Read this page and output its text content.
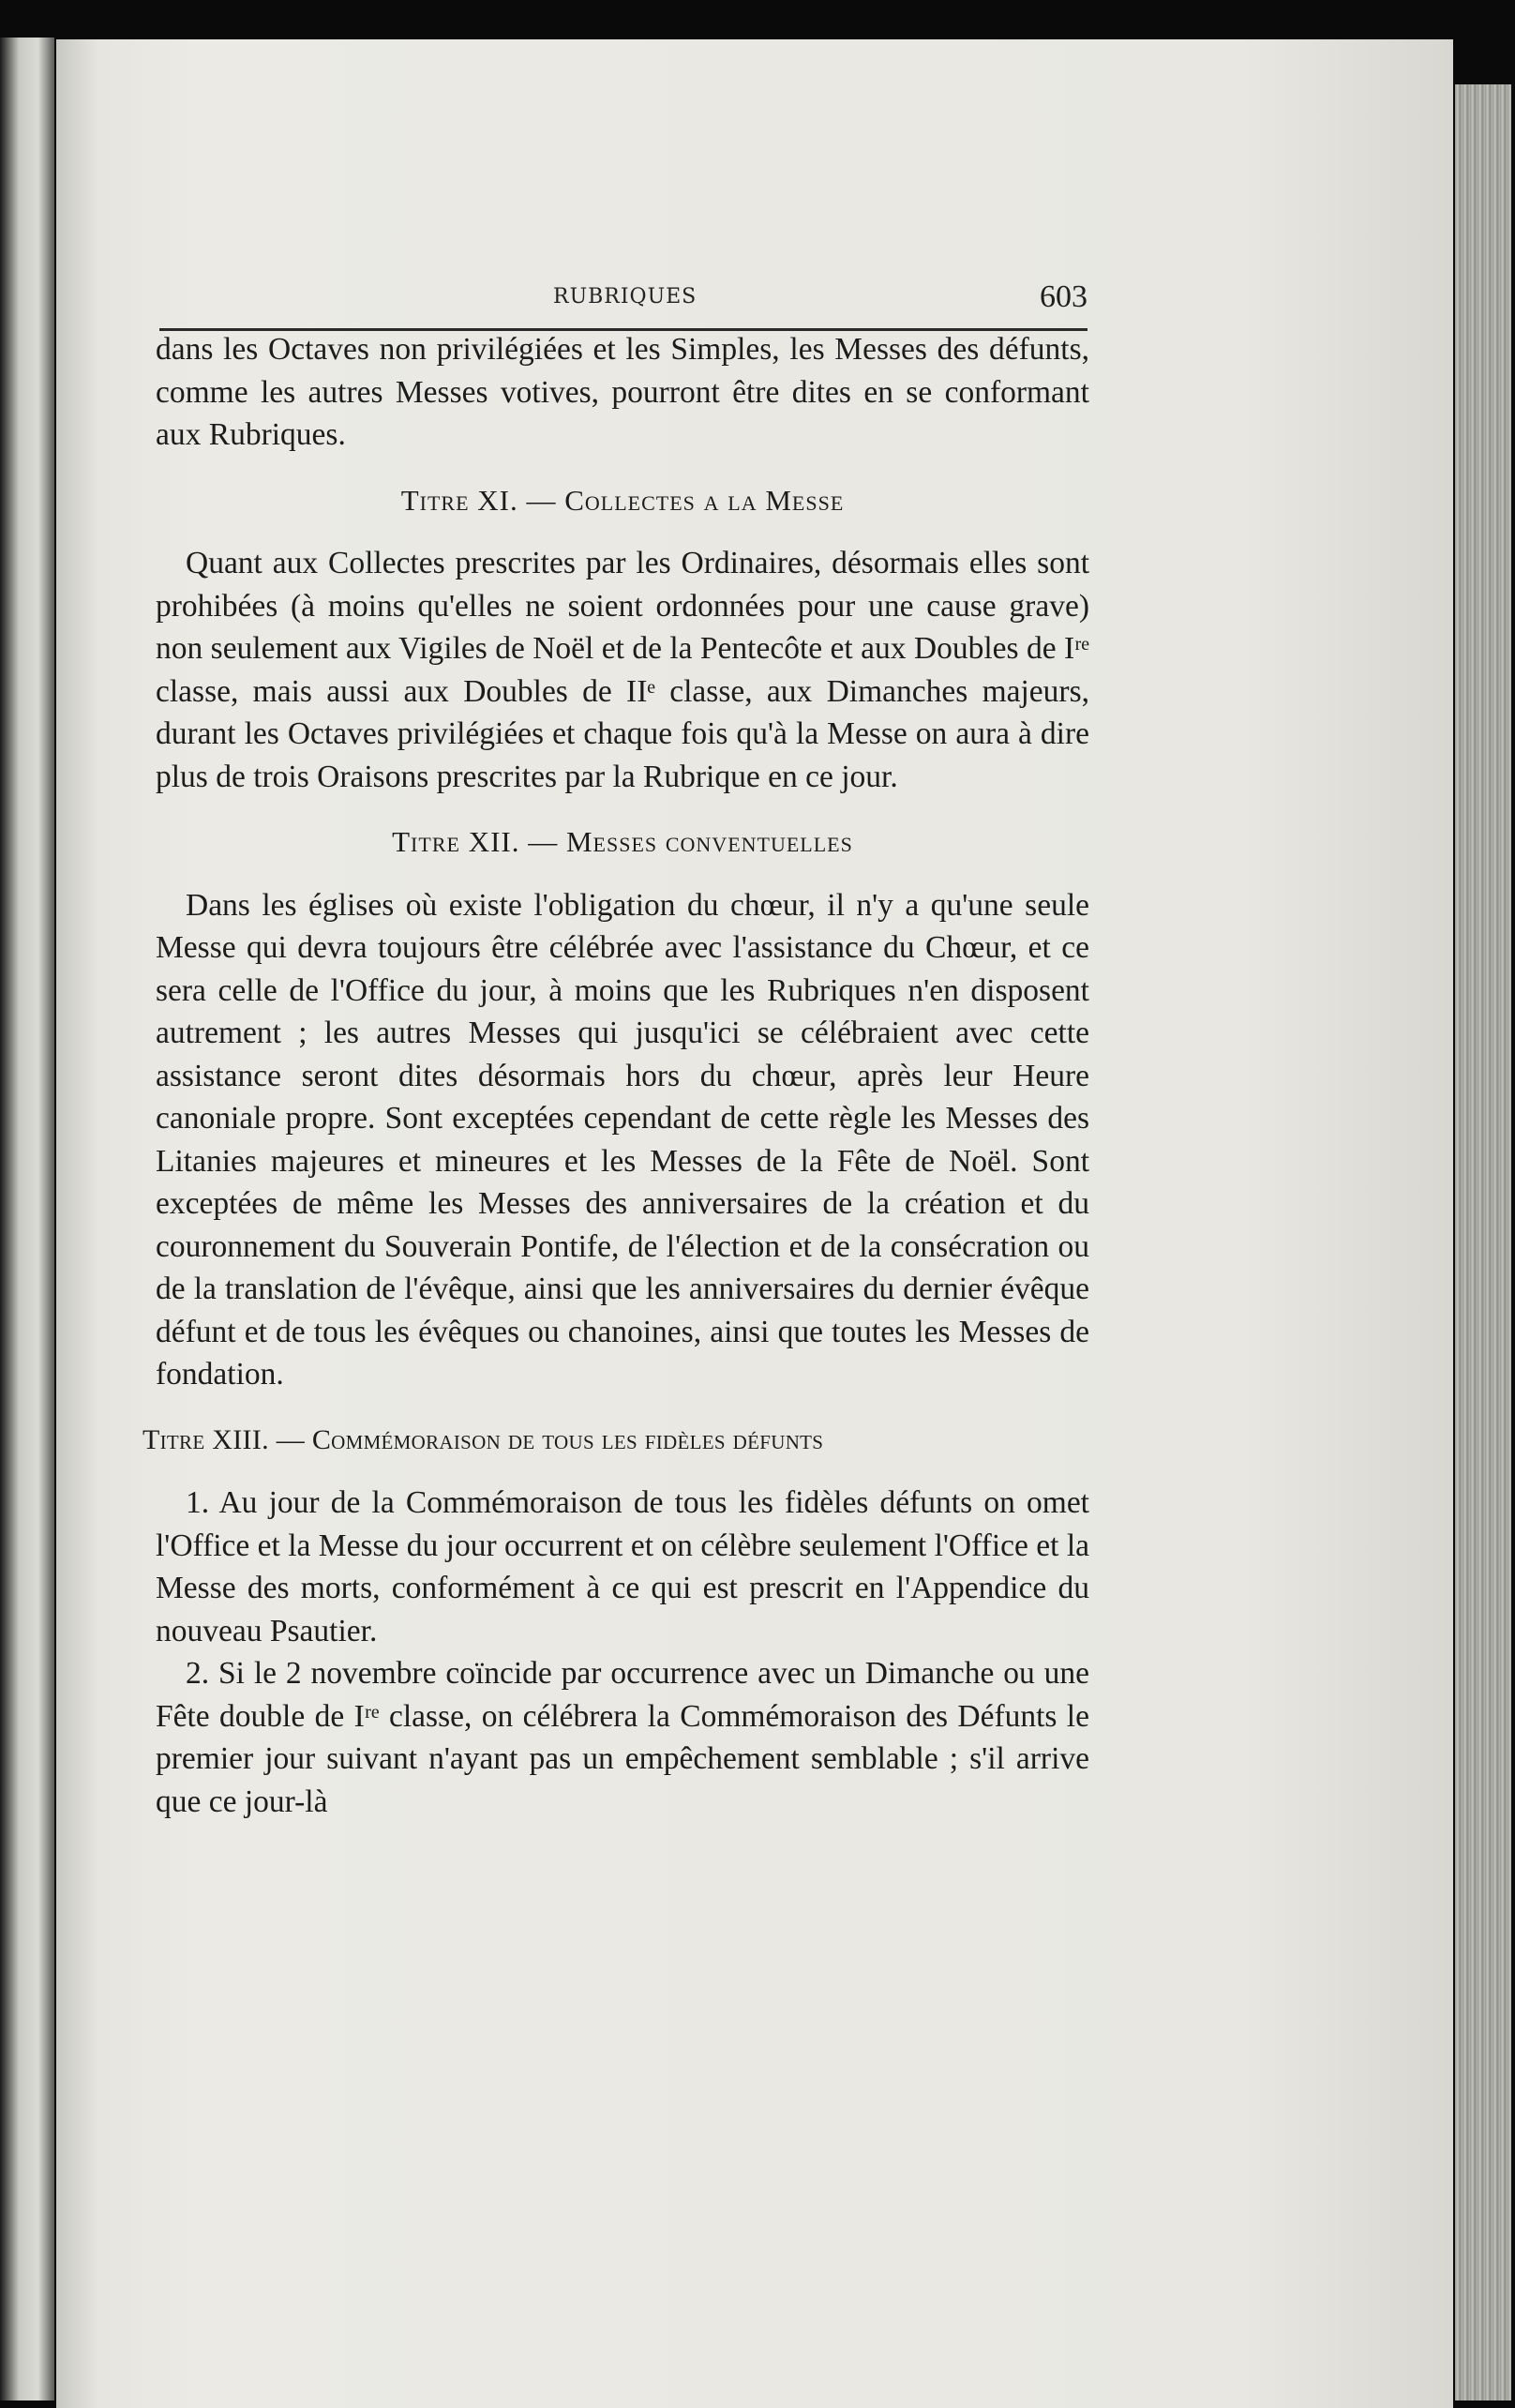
RUBRIQUES	603

dans les Octaves non privilégiées et les Simples, les Messes des défunts, comme les autres Messes votives, pourront être dites en se conformant aux Rubriques.

Titre XI. — Collectes a la Messe

Quant aux Collectes prescrites par les Ordinaires, désormais elles sont prohibées (à moins qu'elles ne soient ordonnées pour une cause grave) non seulement aux Vigiles de Noël et de la Pentecôte et aux Doubles de Iʳᵉ classe, mais aussi aux Doubles de IIᵉ classe, aux Dimanches majeurs, durant les Octaves privilégiées et chaque fois qu'à la Messe on aura à dire plus de trois Oraisons prescrites par la Rubrique en ce jour.

Titre XII. — Messes conventuelles

Dans les églises où existe l'obligation du chœur, il n'y a qu'une seule Messe qui devra toujours être célébrée avec l'assistance du Chœur, et ce sera celle de l'Office du jour, à moins que les Rubriques n'en disposent autrement ; les autres Messes qui jusqu'ici se célébraient avec cette assistance seront dites désormais hors du chœur, après leur Heure canoniale propre. Sont exceptées cependant de cette règle les Messes des Litanies majeures et mineures et les Messes de la Fête de Noël. Sont exceptées de même les Messes des anniversaires de la création et du couronnement du Souverain Pontife, de l'élection et de la consécration ou de la translation de l'évêque, ainsi que les anniversaires du dernier évêque défunt et de tous les évêques ou chanoines, ainsi que toutes les Messes de fondation.

Titre XIII. — Commémoraison de tous les fidèles défunts

1. Au jour de la Commémoraison de tous les fidèles défunts on omet l'Office et la Messe du jour occurrent et on célèbre seulement l'Office et la Messe des morts, conformément à ce qui est prescrit en l'Appendice du nouveau Psautier.

2. Si le 2 novembre coïncide par occurrence avec un Dimanche ou une Fête double de Iʳᵉ classe, on célébrera la Commémoraison des Défunts le premier jour suivant n'ayant pas un empêchement semblable ; s'il arrive que ce jour-là
